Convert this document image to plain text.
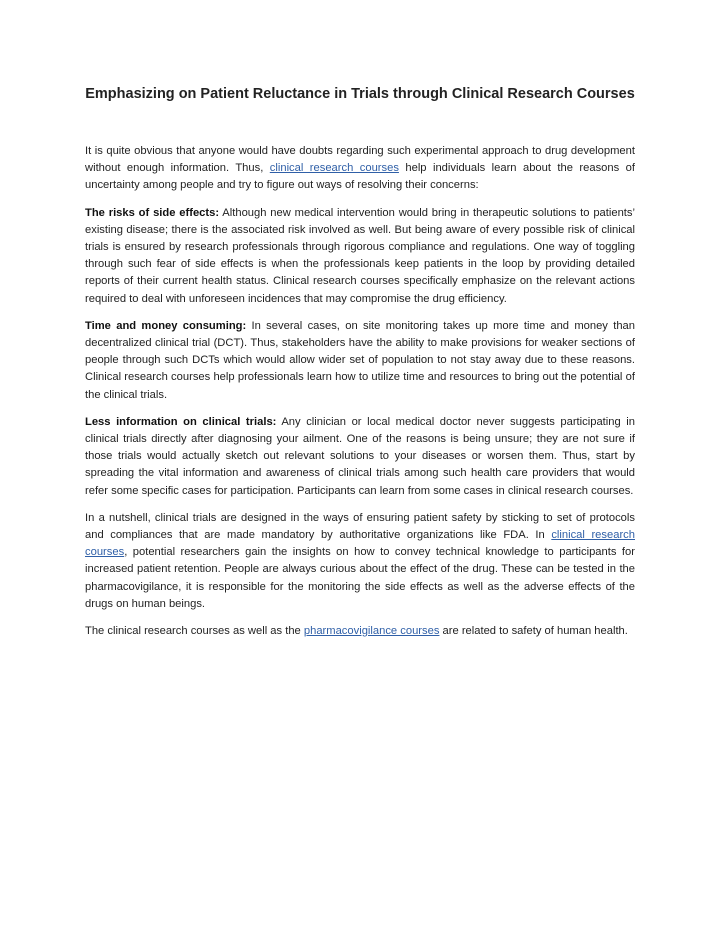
Emphasizing on Patient Reluctance in Trials through Clinical Research Courses

It is quite obvious that anyone would have doubts regarding such experimental approach to drug development without enough information. Thus, clinical research courses help individuals learn about the reasons of uncertainty among people and try to figure out ways of resolving their concerns:

The risks of side effects: Although new medical intervention would bring in therapeutic solutions to patients’ existing disease; there is the associated risk involved as well. But being aware of every possible risk of clinical trials is ensured by research professionals through rigorous compliance and regulations. One way of toggling through such fear of side effects is when the professionals keep patients in the loop by providing detailed reports of their current health status. Clinical research courses specifically emphasize on the relevant actions required to deal with unforeseen incidences that may compromise the drug efficiency.

Time and money consuming: In several cases, on site monitoring takes up more time and money than decentralized clinical trial (DCT). Thus, stakeholders have the ability to make provisions for weaker sections of people through such DCTs which would allow wider set of population to not stay away due to these reasons. Clinical research courses help professionals learn how to utilize time and resources to bring out the potential of the clinical trials.

Less information on clinical trials: Any clinician or local medical doctor never suggests participating in clinical trials directly after diagnosing your ailment. One of the reasons is being unsure; they are not sure if those trials would actually sketch out relevant solutions to your diseases or worsen them. Thus, start by spreading the vital information and awareness of clinical trials among such health care providers that would refer some specific cases for participation. Participants can learn from some cases in clinical research courses.

In a nutshell, clinical trials are designed in the ways of ensuring patient safety by sticking to set of protocols and compliances that are made mandatory by authoritative organizations like FDA. In clinical research courses, potential researchers gain the insights on how to convey technical knowledge to participants for increased patient retention. People are always curious about the effect of the drug. These can be tested in the pharmacovigilance, it is responsible for the monitoring the side effects as well as the adverse effects of the drugs on human beings.

The clinical research courses as well as the pharmacovigilance courses are related to safety of human health.
